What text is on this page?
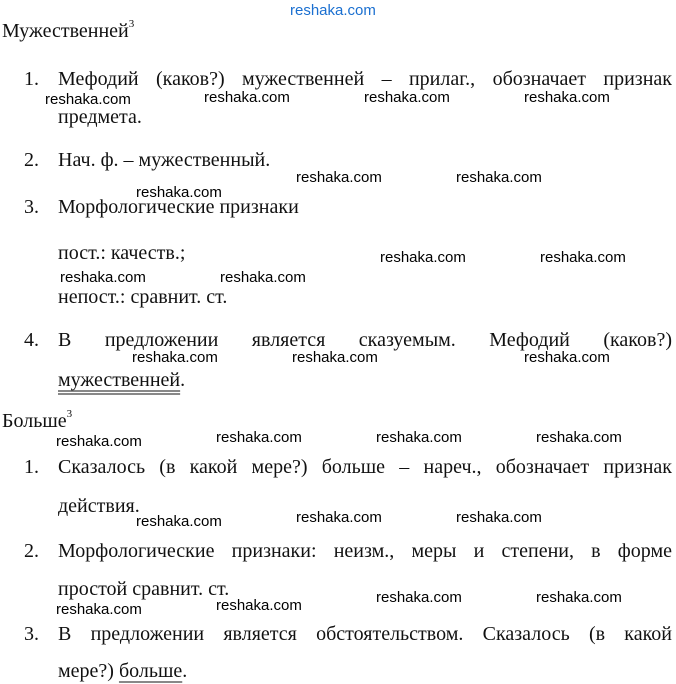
reshaka.com
Мужественней$^3$
1. Мефодий (каков?) мужественней – прилаг., обозначает признак
предмета.
2. Нач. ф. – мужественный.
3. Морфологические признаки
пост.: качеств.;
непост.: сравнит. ст.
4. В предложении является сказуемым. Мефодий (каков?)
мужественней.
Больше$^3$
1. Сказалось (в какой мере?) больше – нареч., обозначает признак
действия.
2. Морфологические признаки: неизм., меры и степени, в форме
простой сравнит. ст.
3. В предложении является обстоятельством. Сказалось (в какой
мере?) больше.
reshaka.com	reshaka.com	reshaka.com	reshaka.com
reshaka.com	reshaka.com
reshaka.com
reshaka.com	reshaka.com
reshaka.com	reshaka.com
reshaka.com	reshaka.com	reshaka.com
reshaka.com	reshaka.com	reshaka.com	reshaka.com
reshaka.com	reshaka.com	reshaka.com
reshaka.com	reshaka.com	reshaka.com	reshaka.com
